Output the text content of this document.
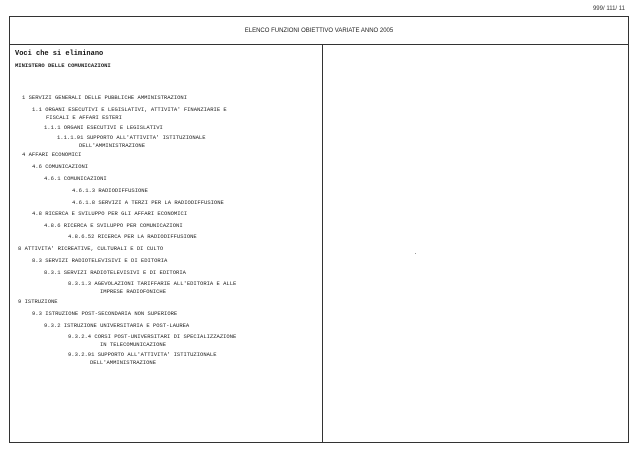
999/ 111/ 11
ELENCO FUNZIONI OBIETTIVO VARIATE ANNO 2005
Voci che si eliminano
MINISTERO DELLE COMUNICAZIONI
1 SERVIZI GENERALI DELLE PUBBLICHE AMMINISTRAZIONI
1.1 ORGANI ESECUTIVI E LEGISLATIVI, ATTIVITA' FINANZIARIE E
FISCALI E AFFARI ESTERI
1.1.1 ORGANI ESECUTIVI E LEGISLATIVI
1.1.1.91 SUPPORTO ALL'ATTIVITA' ISTITUZIONALE
DELL'AMMINISTRAZIONE
4 AFFARI ECONOMICI
4.6 COMUNICAZIONI
4.6.1 COMUNICAZIONI
4.6.1.3 RADIODIFFUSIONE
4.6.1.8 SERVIZI A TERZI PER LA RADIODIFFUSIONE
4.8 RICERCA E SVILUPPO PER GLI AFFARI ECONOMICI
4.8.6 RICERCA E SVILUPPO PER COMUNICAZIONI
4.8.6.52 RICERCA PER LA RADIODIFFUSIONE
8 ATTIVITA' RICREATIVE, CULTURALI E DI CULTO
8.3 SERVIZI RADIOTELEVISIVI E DI EDITORIA
8.3.1 SERVIZI RADIOTELEVISIVI E DI EDITORIA
8.3.1.3 AGEVOLAZIONI TARIFFARIE ALL'EDITORIA E ALLE
IMPRESE RADIOFONICHE
9 ISTRUZIONE
9.3 ISTRUZIONE POST-SECONDARIA NON SUPERIORE
9.3.2 ISTRUZIONE UNIVERSITARIA E POST-LAUREA
9.3.2.4 CORSI POST-UNIVERSITARI DI SPECIALIZZAZIONE
IN TELECOMUNICAZIONE
9.3.2.91 SUPPORTO ALL'ATTIVITA' ISTITUZIONALE
DELL'AMMINISTRAZIONE
